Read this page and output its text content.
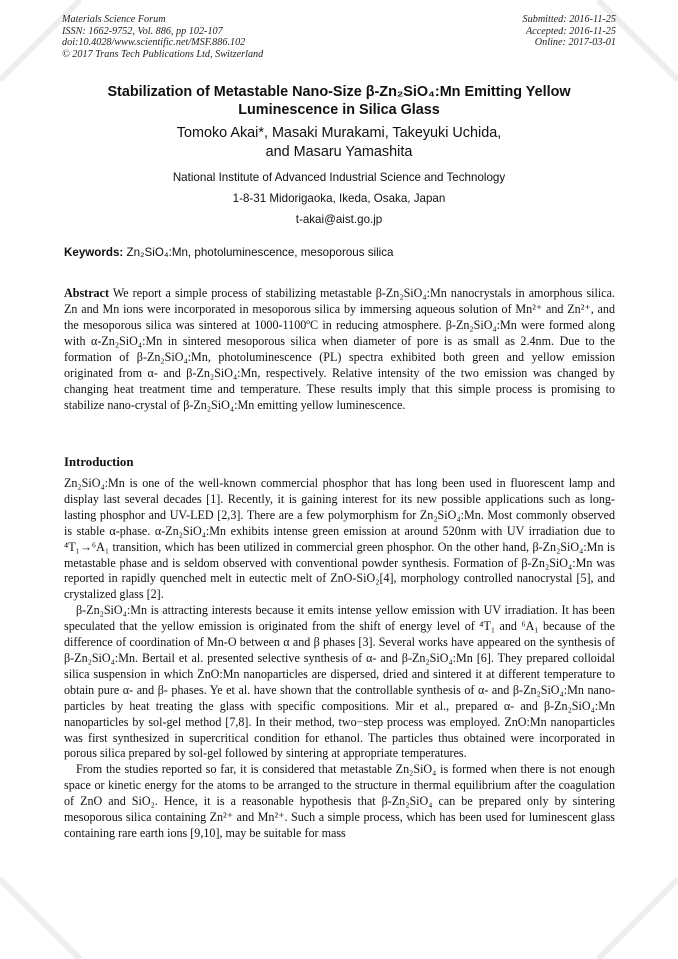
Materials Science Forum
ISSN: 1662-9752, Vol. 886, pp 102-107
doi:10.4028/www.scientific.net/MSF.886.102
© 2017 Trans Tech Publications Ltd, Switzerland
Submitted: 2016-11-25
Accepted: 2016-11-25
Online: 2017-03-01
Stabilization of Metastable Nano-Size β-Zn₂SiO₄:Mn Emitting Yellow
Luminescence in Silica Glass
Tomoko Akai*, Masaki Murakami, Takeyuki Uchida,
and Masaru Yamashita
National Institute of Advanced Industrial Science and Technology
1-8-31 Midorigaoka, Ikeda, Osaka, Japan
t-akai@aist.go.jp
Keywords: Zn₂SiO₄:Mn, photoluminescence, mesoporous silica

Abstract We report a simple process of stabilizing metastable β-Zn₂SiO₄:Mn nanocrystals in amorphous silica. Zn and Mn ions were incorporated in mesoporous silica by immersing aqueous solution of Mn²⁺ and Zn²⁺, and the mesoporous silica was sintered at 1000-1100ºC in reducing atmosphere. β-Zn₂SiO₄:Mn were formed along with α-Zn₂SiO₄:Mn in sintered mesoporous silica when diameter of pore is as small as 2.4nm. Due to the formation of β-Zn₂SiO₄:Mn, photoluminescence (PL) spectra exhibited both green and yellow emission originated from α- and β-Zn₂SiO₄:Mn, respectively. Relative intensity of the two emission was changed by changing heat treatment time and temperature. These results imply that this simple process is promising to stabilize nano-crystal of β-Zn₂SiO₄:Mn emitting yellow luminescence.

Introduction

Zn₂SiO₄:Mn is one of the well-known commercial phosphor that has long been used in fluorescent lamp and display last several decades [1]. Recently, it is gaining interest for its new possible applications such as long-lasting phosphor and UV-LED [2,3]. There are a few polymorphism for Zn₂SiO₄:Mn. Most commonly observed is stable α-phase. α-Zn₂SiO₄:Mn exhibits intense green emission at around 520nm with UV irradiation due to ⁴T₁→⁶A₁ transition, which has been utilized in commercial green phosphor. On the other hand, β-Zn₂SiO₄:Mn is metastable phase and is seldom observed with conventional powder synthesis. Formation of β-Zn₂SiO₄:Mn was reported in rapidly quenched melt in eutectic melt of ZnO-SiO₂[4], morphology controlled nanocrystal [5], and crystalized glass [2].

β-Zn₂SiO₄:Mn is attracting interests because it emits intense yellow emission with UV irradiation. It has been speculated that the yellow emission is originated from the shift of energy level of ⁴T₁ and ⁶A₁ because of the difference of coordination of Mn-O between α and β phases [3]. Several works have appeared on the synthesis of β-Zn₂SiO₄:Mn. Bertail et al. presented selective synthesis of α- and β-Zn₂SiO₄:Mn [6]. They prepared colloidal silica suspension in which ZnO:Mn nanoparticles are dispersed, dried and sintered it at different temperature to obtain pure α- and β- phases. Ye et al. have shown that the controllable synthesis of α- and β-Zn₂SiO₄:Mn nano-particles by heat treating the glass with specific compositions. Mir et al., prepared α- and β-Zn₂SiO₄:Mn nanoparticles by sol-gel method [7,8]. In their method, two−step process was employed. ZnO:Mn nanoparticles was first synthesized in supercritical condition for ethanol. The particles thus obtained were incorporated in porous silica prepared by sol-gel followed by sintering at appropriate temperatures.

From the studies reported so far, it is considered that metastable Zn₂SiO₄ is formed when there is not enough space or kinetic energy for the atoms to be arranged to the structure in thermal equilibrium after the coagulation of ZnO and SiO₂. Hence, it is a reasonable hypothesis that β-Zn₂SiO₄ can be prepared only by sintering mesoporous silica containing Zn²⁺ and Mn²⁺. Such a simple process, which has been used for luminescent glass containing rare earth ions [9,10], may be suitable for mass
